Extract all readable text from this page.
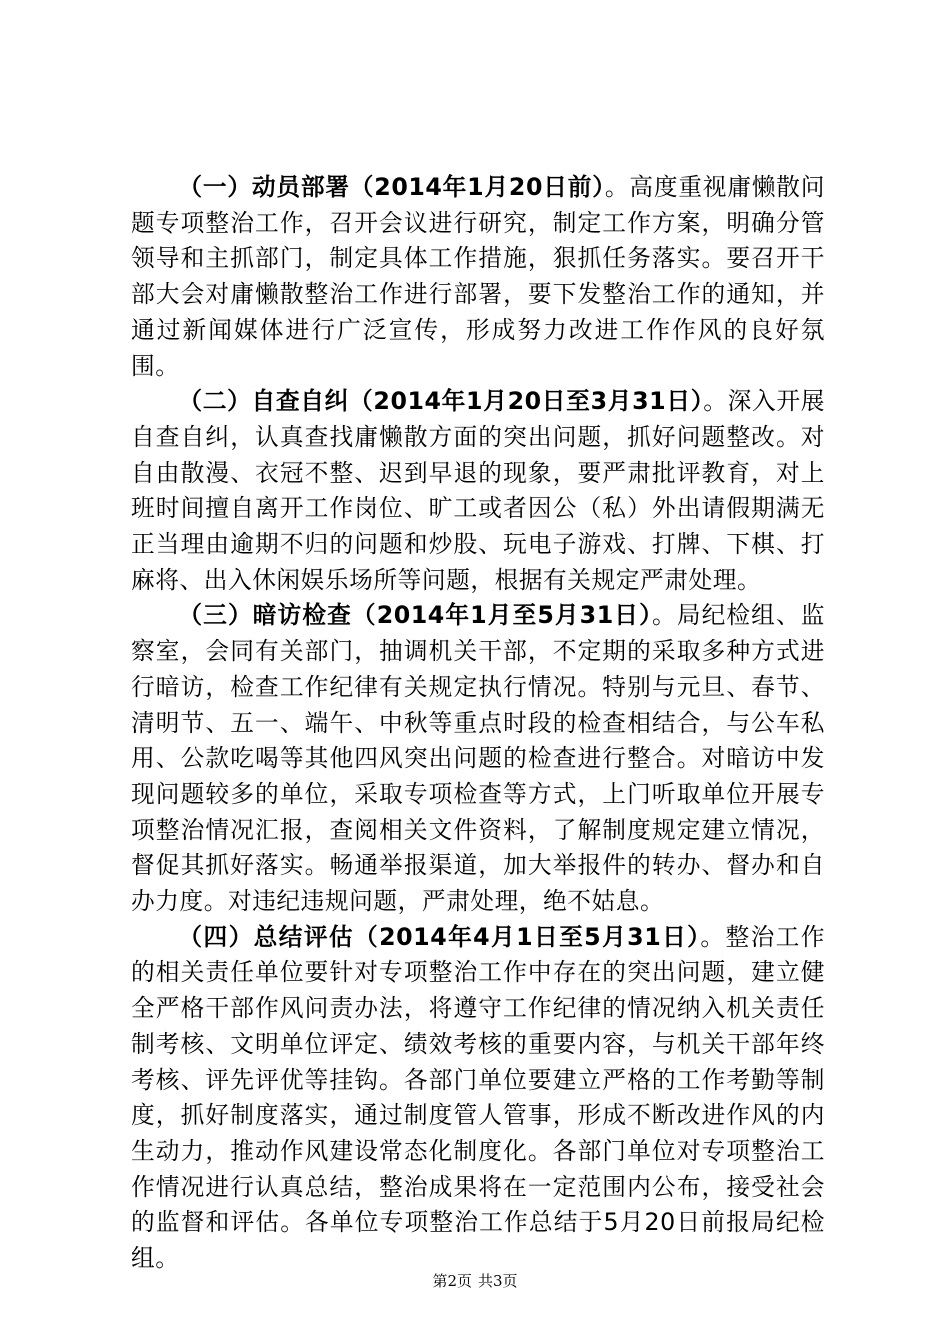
（一）动员部署（2014年1月20日前）。高度重视庸懒散问题专项整治工作，召开会议进行研究，制定工作方案，明确分管领导和主抓部门，制定具体工作措施，狠抓任务落实。要召开干部大会对庸懒散整治工作进行部署，要下发整治工作的通知，并通过新闻媒体进行广泛宣传，形成努力改进工作作风的良好氛围。

（二）自查自纠（2014年1月20日至3月31日）。深入开展自查自纠，认真查找庸懒散方面的突出问题，抓好问题整改。对自由散漫、衣冠不整、迟到早退的现象，要严肃批评教育，对上班时间擅自离开工作岗位、旷工或者因公（私）外出请假期满无正当理由逾期不归的问题和炒股、玩电子游戏、打牌、下棋、打麻将、出入休闲娱乐场所等问题，根据有关规定严肃处理。

（三）暗访检查（2014年1月至5月31日）。局纪检组、监察室，会同有关部门，抽调机关干部，不定期的采取多种方式进行暗访，检查工作纪律有关规定执行情况。特别与元旦、春节、清明节、五一、端午、中秋等重点时段的检查相结合，与公车私用、公款吃喝等其他四风突出问题的检查进行整合。对暗访中发现问题较多的单位，采取专项检查等方式，上门听取单位开展专项整治情况汇报，查阅相关文件资料，了解制度规定建立情况，督促其抓好落实。畅通举报渠道，加大举报件的转办、督办和自办力度。对违纪违规问题，严肃处理，绝不姑息。

（四）总结评估（2014年4月1日至5月31日）。整治工作的相关责任单位要针对专项整治工作中存在的突出问题，建立健全严格干部作风问责办法，将遵守工作纪律的情况纳入机关责任制考核、文明单位评定、绩效考核的重要内容，与机关干部年终考核、评先评优等挂钩。各部门单位要建立严格的工作考勤等制度，抓好制度落实，通过制度管人管事，形成不断改进作风的内生动力，推动作风建设常态化制度化。各部门单位对专项整治工作情况进行认真总结，整治成果将在一定范围内公布，接受社会的监督和评估。各单位专项整治工作总结于5月20日前报局纪检组。

第2页 共3页
